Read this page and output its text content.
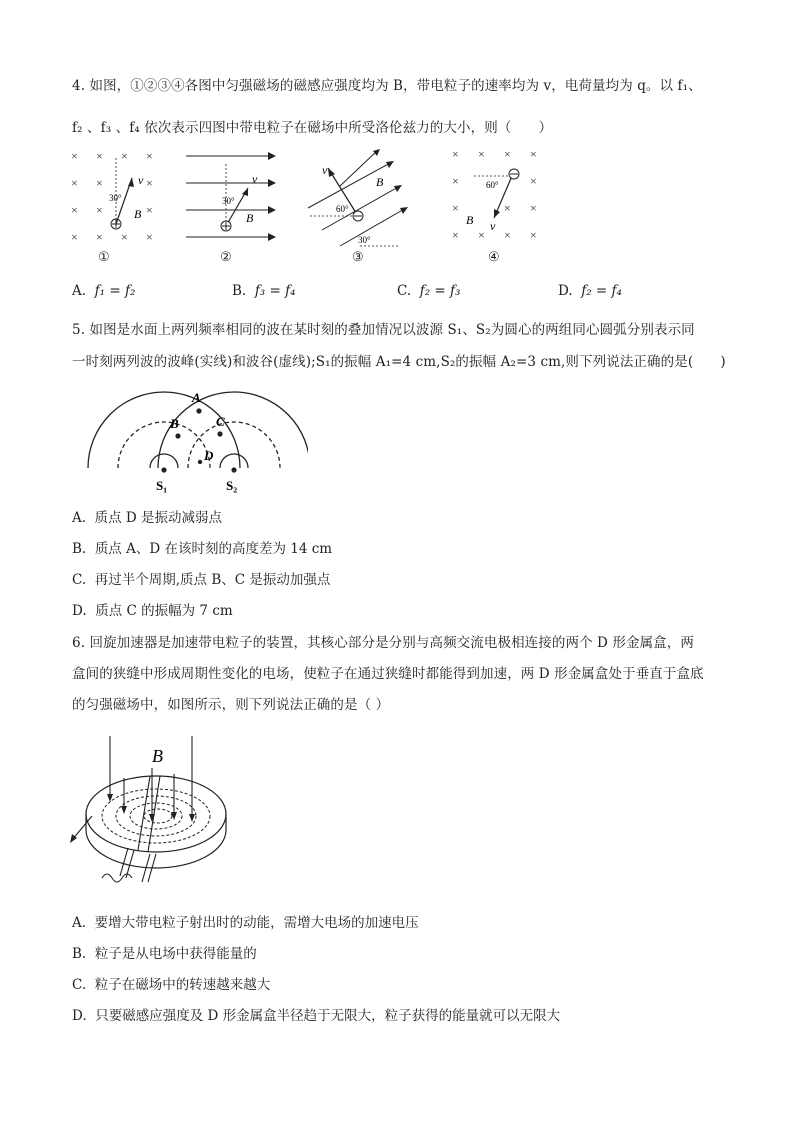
4. 如图，①②③④各图中匀强磁场的磁感应强度均为 B，带电粒子的速率均为 v，电荷量均为 q。以 f₁、
f₂ 、f₃ 、f₄ 依次表示四图中带电粒子在磁场中所受洛伦兹力的大小，则（　　）
× × × ×
× ×	×
× ×	×
× × × ×
v
B
30°
①
v
B
30°
②
v
B
60°
30°
③
× × × ×
×	×
×	× ×
× × × ×
60°
B v
④
A. f₁ = f₂	B. f₃ = f₄	C. f₂ = f₃	D. f₂ = f₄
5. 如图是水面上两列频率相同的波在某时刻的叠加情况以波源 S₁、S₂为圆心的两组同心圆弧分别表示同
一时刻两列波的波峰(实线)和波谷(虚线);S₁的振幅 A₁=4 cm,S₂的振幅 A₂=3 cm,则下列说法正确的是(　　)
A
B	C
D
S₁	S₂
A. 质点 D 是振动减弱点
B. 质点 A、D 在该时刻的高度差为 14 cm
C. 再过半个周期,质点 B、C 是振动加强点
D. 质点 C 的振幅为 7 cm
6. 回旋加速器是加速带电粒子的装置，其核心部分是分别与高频交流电极相连接的两个 D 形金属盒，两
盒间的狭缝中形成周期性变化的电场，使粒子在通过狭缝时都能得到加速，两 D 形金属盒处于垂直于盒底
的匀强磁场中，如图所示，则下列说法正确的是（ ）
B
A. 要增大带电粒子射出时的动能，需增大电场的加速电压
B. 粒子是从电场中获得能量的
C. 粒子在磁场中的转速越来越大
D. 只要磁感应强度及 D 形金属盒半径趋于无限大，粒子获得的能量就可以无限大
